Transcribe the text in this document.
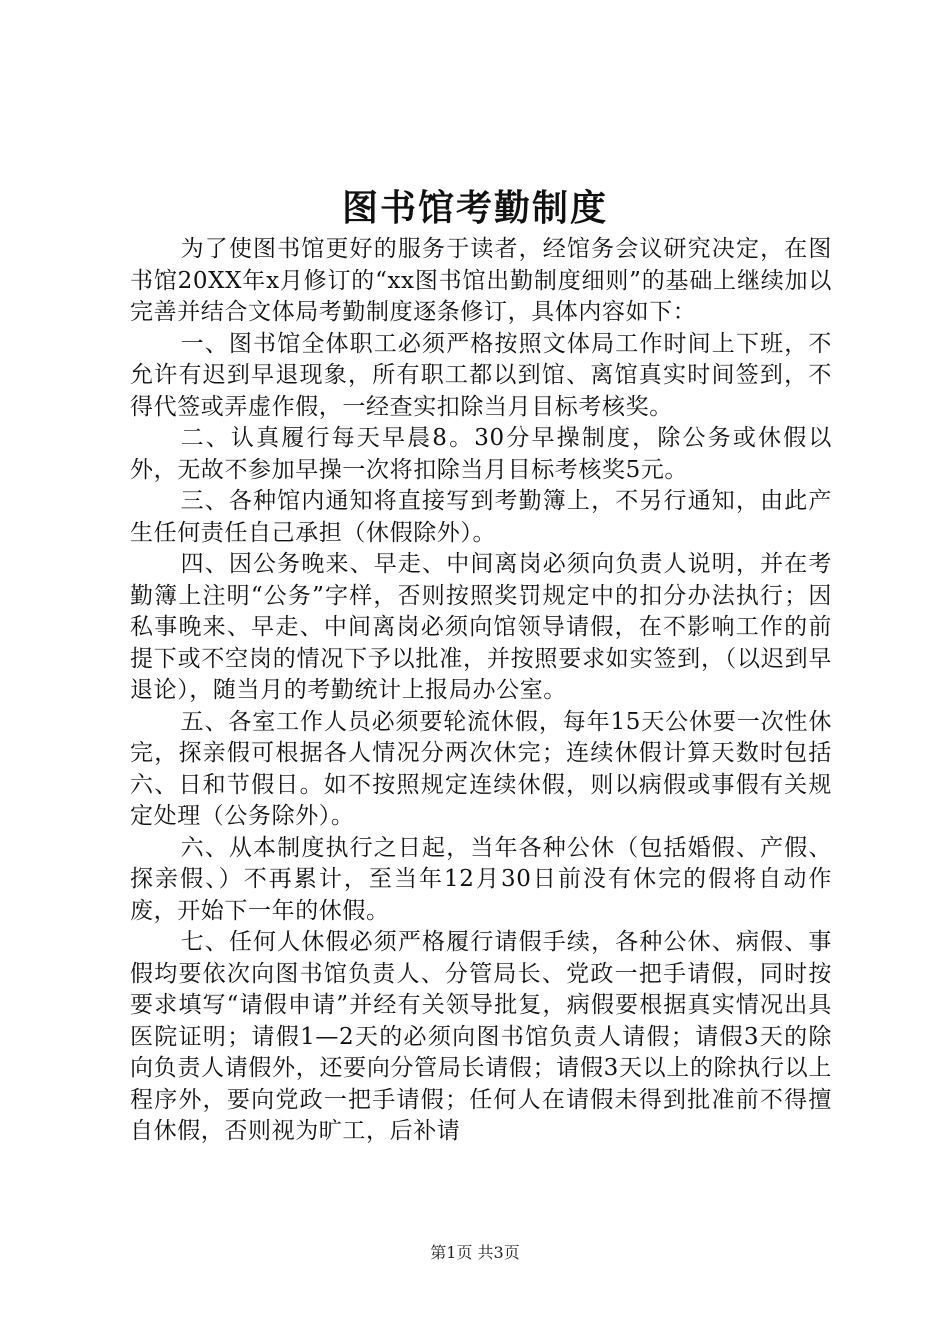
图书馆考勤制度

为了使图书馆更好的服务于读者，经馆务会议研究决定，在图书馆20XX年x月修订的“xx图书馆出勤制度细则”的基础上继续加以完善并结合文体局考勤制度逐条修订，具体内容如下：

一、图书馆全体职工必须严格按照文体局工作时间上下班，不允许有迟到早退现象，所有职工都以到馆、离馆真实时间签到，不得代签或弄虚作假，一经查实扣除当月目标考核奖。

二、认真履行每天早晨8。30分早操制度，除公务或休假以外，无故不参加早操一次将扣除当月目标考核奖5元。

三、各种馆内通知将直接写到考勤簿上，不另行通知，由此产生任何责任自己承担（休假除外）。

四、因公务晚来、早走、中间离岗必须向负责人说明，并在考勤簿上注明“公务”字样，否则按照奖罚规定中的扣分办法执行；因私事晚来、早走、中间离岗必须向馆领导请假，在不影响工作的前提下或不空岗的情况下予以批准，并按照要求如实签到，（以迟到早退论），随当月的考勤统计上报局办公室。

五、各室工作人员必须要轮流休假，每年15天公休要一次性休完，探亲假可根据各人情况分两次休完；连续休假计算天数时包括六、日和节假日。如不按照规定连续休假，则以病假或事假有关规定处理（公务除外）。

六、从本制度执行之日起，当年各种公休（包括婚假、产假、探亲假、）不再累计，至当年12月30日前没有休完的假将自动作废，开始下一年的休假。

七、任何人休假必须严格履行请假手续，各种公休、病假、事假均要依次向图书馆负责人、分管局长、党政一把手请假，同时按要求填写“请假申请”并经有关领导批复，病假要根据真实情况出具医院证明；请假1—2天的必须向图书馆负责人请假；请假3天的除向负责人请假外，还要向分管局长请假；请假3天以上的除执行以上程序外，要向党政一把手请假；任何人在请假未得到批准前不得擅自休假，否则视为旷工，后补请

第1页 共3页
